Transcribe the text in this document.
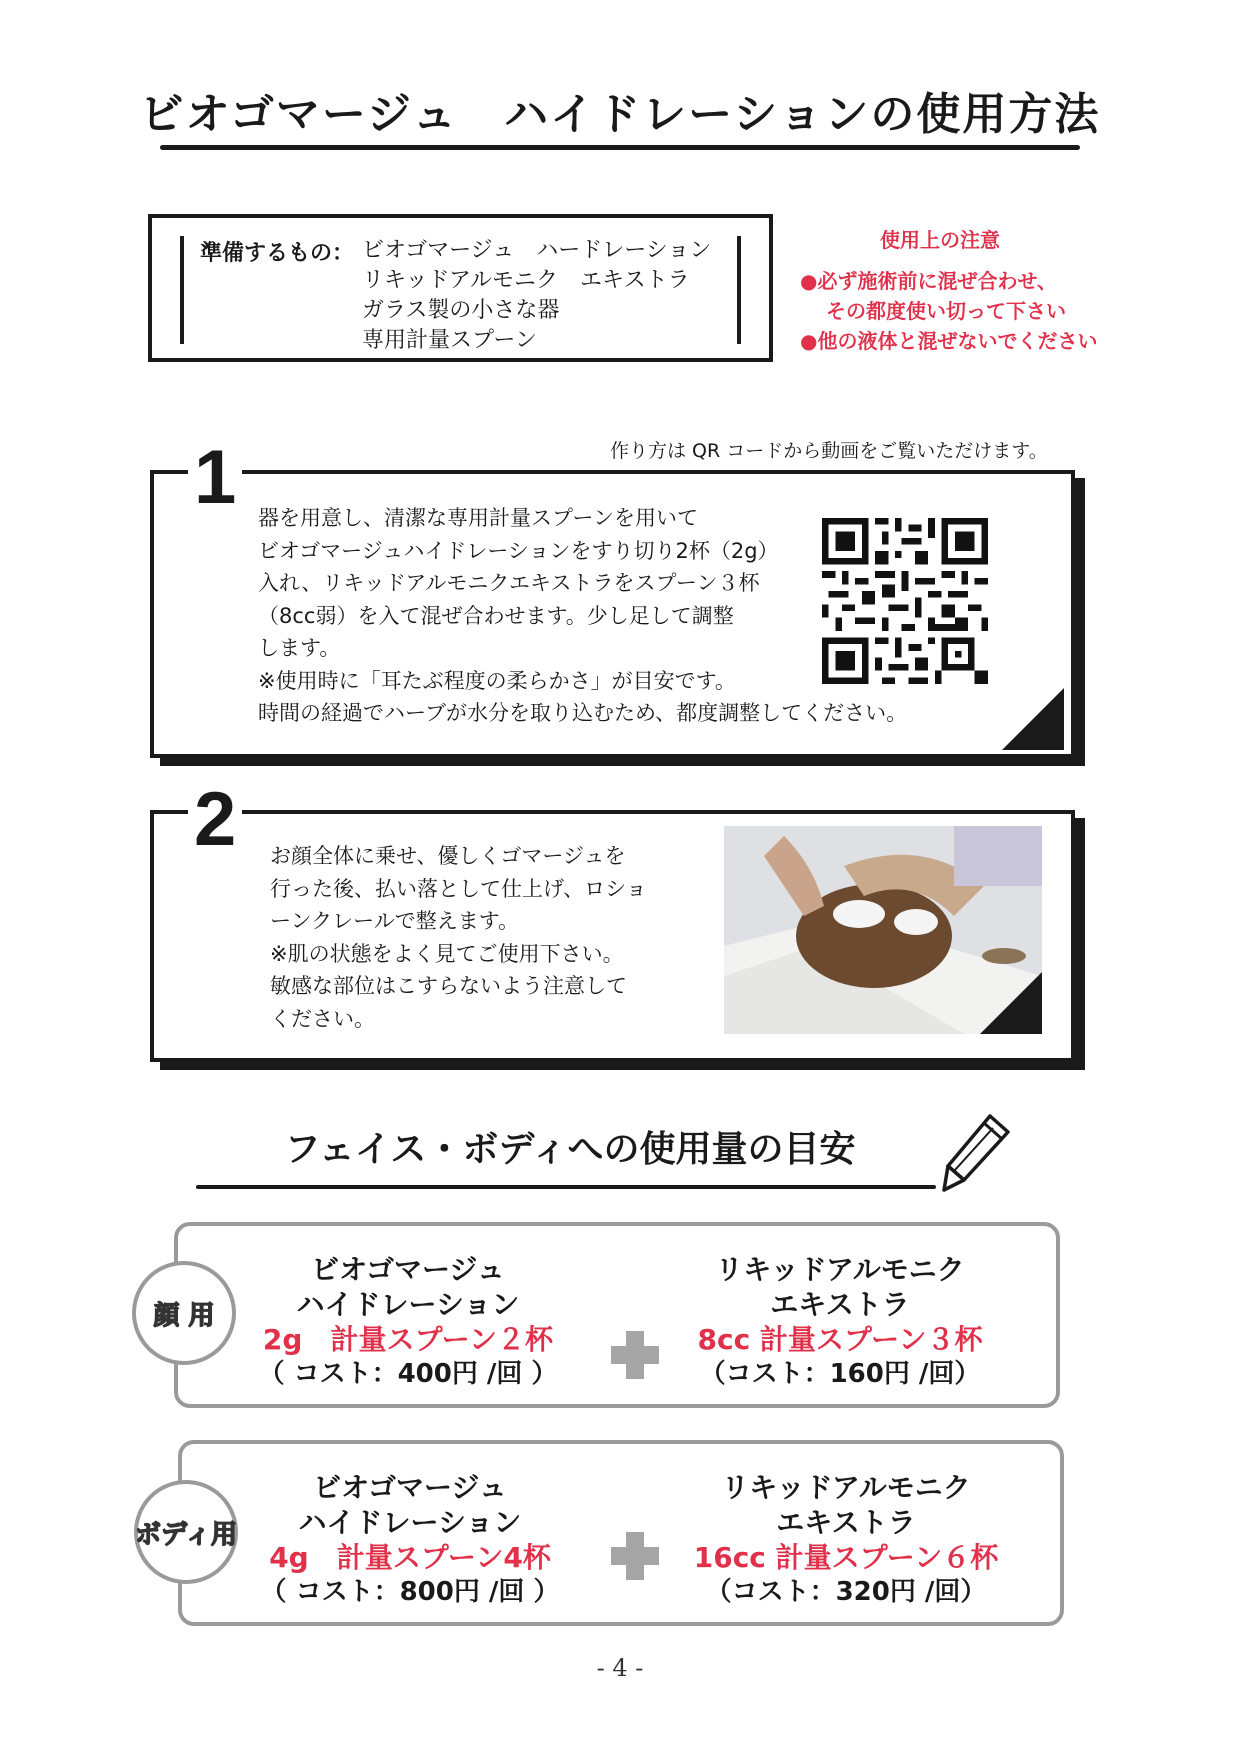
ビオゴマージュ　ハイドレーションの使用方法
準備するもの： ビオゴマージュ　ハードレーション
リキッドアルモニク　エキストラ
ガラス製の小さな器
専用計量スプーン
使用上の注意
●必ず施術前に混ぜ合わせ、
その都度使い切って下さい
●他の液体と混ぜないでください
作り方は QR コードから動画をご覧いただけます。
1 器を用意し、清潔な専用計量スプーンを用いて
ビオゴマージュハイドレーションをすり切り2杯（2g）
入れ、リキッドアルモニクエキストラをスプーン３杯
（8cc弱）を入て混ぜ合わせます。少し足して調整
します。
※使用時に「耳たぶ程度の柔らかさ」が目安です。
時間の経過でハーブが水分を取り込むため、都度調整してください。
2 お顔全体に乗せ、優しくゴマージュを
行った後、払い落として仕上げ、ロショ
ーンクレールで整えます。
※肌の状態をよく見てご使用下さい。
敏感な部位はこすらないよう注意して
ください。
フェイス・ボディへの使用量の目安
顔 用
ビオゴマージュ
ハイドレーション
2g　計量スプーン２杯
（ コスト：400円 /回 ）
リキッドアルモニク
エキストラ
8cc 計量スプーン３杯
（コスト：160円 /回）
ボディ用
ビオゴマージュ
ハイドレーション
4g　計量スプーン4杯
（ コスト：800円 /回 ）
リキッドアルモニク
エキストラ
16cc 計量スプーン６杯
（コスト：320円 /回）
- 4 -
